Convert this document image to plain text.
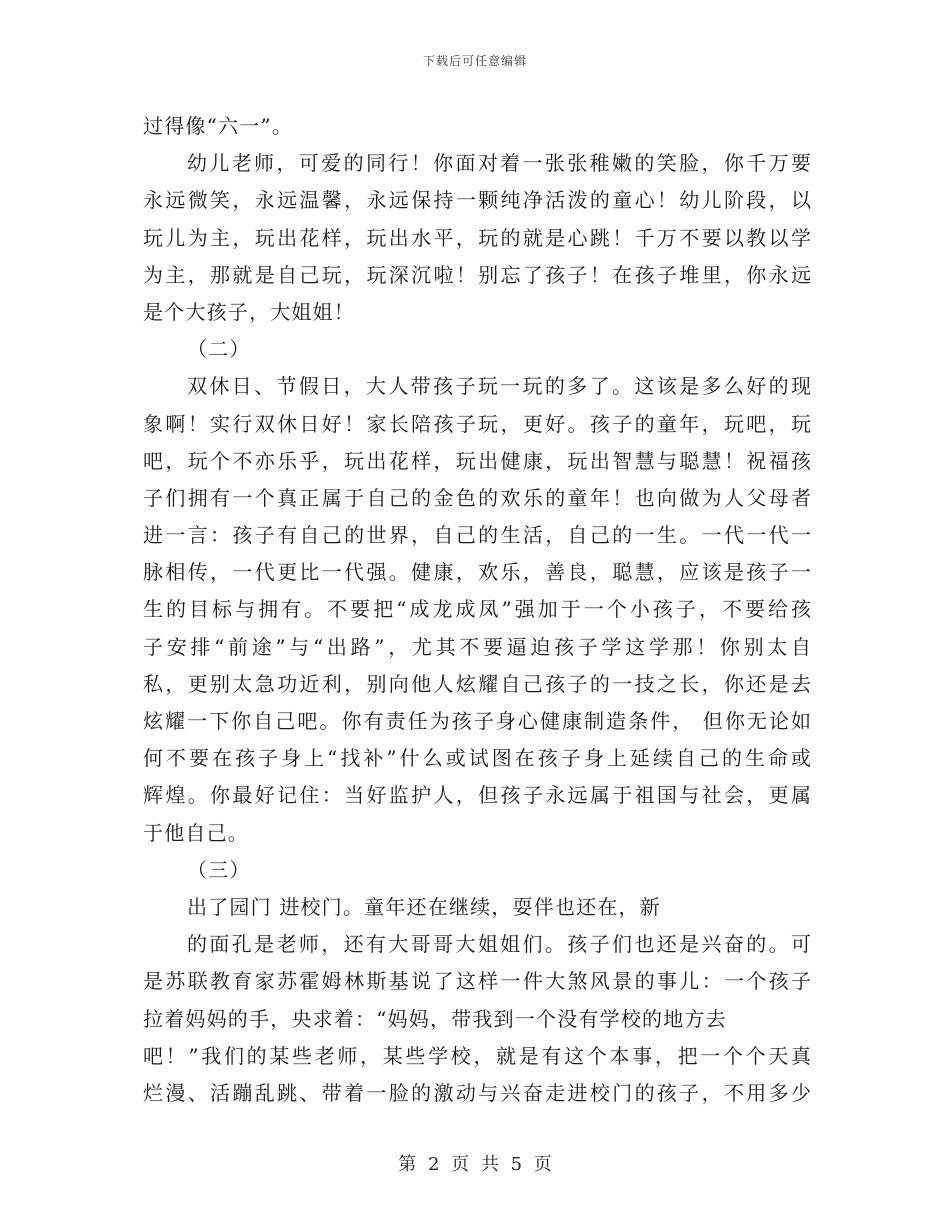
下载后可任意编辑
过得像“六一”。
幼儿老师，可爱的同行！你面对着一张张稚嫩的笑脸，你千万要
永远微笑，永远温馨，永远保持一颗纯净活泼的童心！幼儿阶段，以
玩儿为主，玩出花样，玩出水平，玩的就是心跳！千万不要以教以学
为主，那就是自己玩，玩深沉啦！别忘了孩子！在孩子堆里，你永远
是个大孩子，大姐姐！
（二）
双休日、节假日，大人带孩子玩一玩的多了。这该是多么好的现
象啊！实行双休日好！家长陪孩子玩，更好。孩子的童年，玩吧，玩
吧，玩个不亦乐乎，玩出花样，玩出健康，玩出智慧与聪慧！祝福孩
子们拥有一个真正属于自己的金色的欢乐的童年！也向做为人父母者
进一言：孩子有自己的世界，自己的生活，自己的一生。一代一代一
脉相传，一代更比一代强。健康，欢乐，善良，聪慧，应该是孩子一
生的目标与拥有。不要把“成龙成凤”强加于一个小孩子，不要给孩
子安排“前途”与“出路”，尤其不要逼迫孩子学这学那！你别太自
私，更别太急功近利，别向他人炫耀自己孩子的一技之长，你还是去
炫耀一下你自己吧。你有责任为孩子身心健康制造条件， 但你无论如
何不要在孩子身上“找补”什么或试图在孩子身上延续自己的生命或
辉煌。你最好记住：当好监护人，但孩子永远属于祖国与社会，更属
于他自己。
（三）
出了园门 进校门。童年还在继续，耍伴也还在，新
的面孔是老师，还有大哥哥大姐姐们。孩子们也还是兴奋的。可
是苏联教育家苏霍姆林斯基说了这样一件大煞风景的事儿：一个孩子
拉着妈妈的手，央求着：“妈妈，带我到一个没有学校的地方去
吧！”我们的某些老师，某些学校，就是有这个本事，把一个个天真
烂漫、活蹦乱跳、带着一脸的激动与兴奋走进校门的孩子，不用多少
第 2 页 共 5 页
